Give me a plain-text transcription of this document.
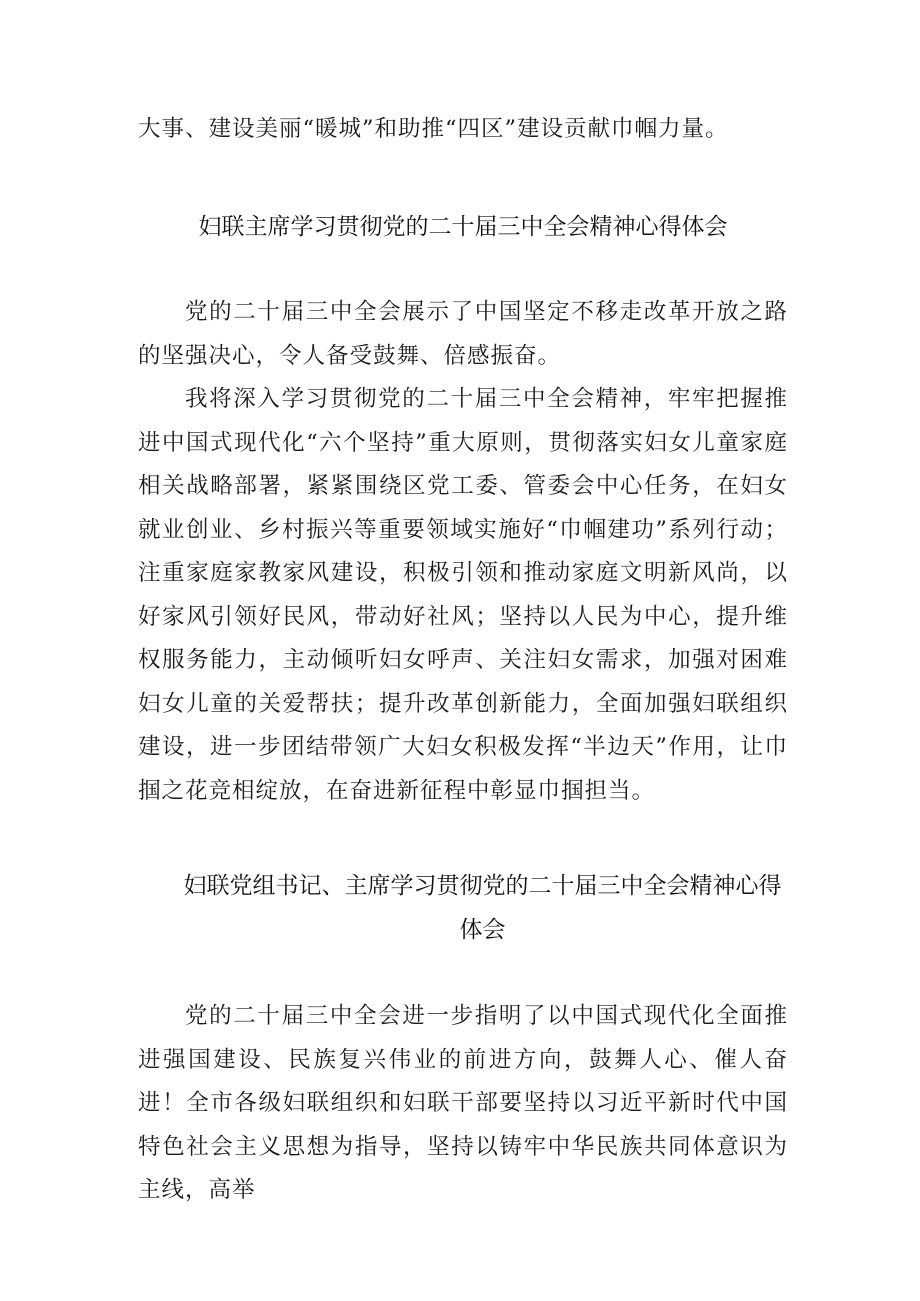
大事、建设美丽“暖城”和助推“四区”建设贡献巾帼力量。

妇联主席学习贯彻党的二十届三中全会精神心得体会

党的二十届三中全会展示了中国坚定不移走改革开放之路的坚强决心，令人备受鼓舞、倍感振奋。

我将深入学习贯彻党的二十届三中全会精神，牢牢把握推进中国式现代化“六个坚持”重大原则，贯彻落实妇女儿童家庭相关战略部署，紧紧围绕区党工委、管委会中心任务，在妇女就业创业、乡村振兴等重要领域实施好“巾帼建功”系列行动；注重家庭家教家风建设，积极引领和推动家庭文明新风尚，以好家风引领好民风，带动好社风；坚持以人民为中心，提升维权服务能力，主动倾听妇女呼声、关注妇女需求，加强对困难妇女儿童的关爱帮扶；提升改革创新能力，全面加强妇联组织建设，进一步团结带领广大妇女积极发挥“半边天”作用，让巾掴之花竞相绽放，在奋进新征程中彰显巾掴担当。

妇联党组书记、主席学习贯彻党的二十届三中全会精神心得体会

党的二十届三中全会进一步指明了以中国式现代化全面推进强国建设、民族复兴伟业的前进方向，鼓舞人心、催人奋进！全市各级妇联组织和妇联干部要坚持以习近平新时代中国特色社会主义思想为指导，坚持以铸牢中华民族共同体意识为主线，高举
